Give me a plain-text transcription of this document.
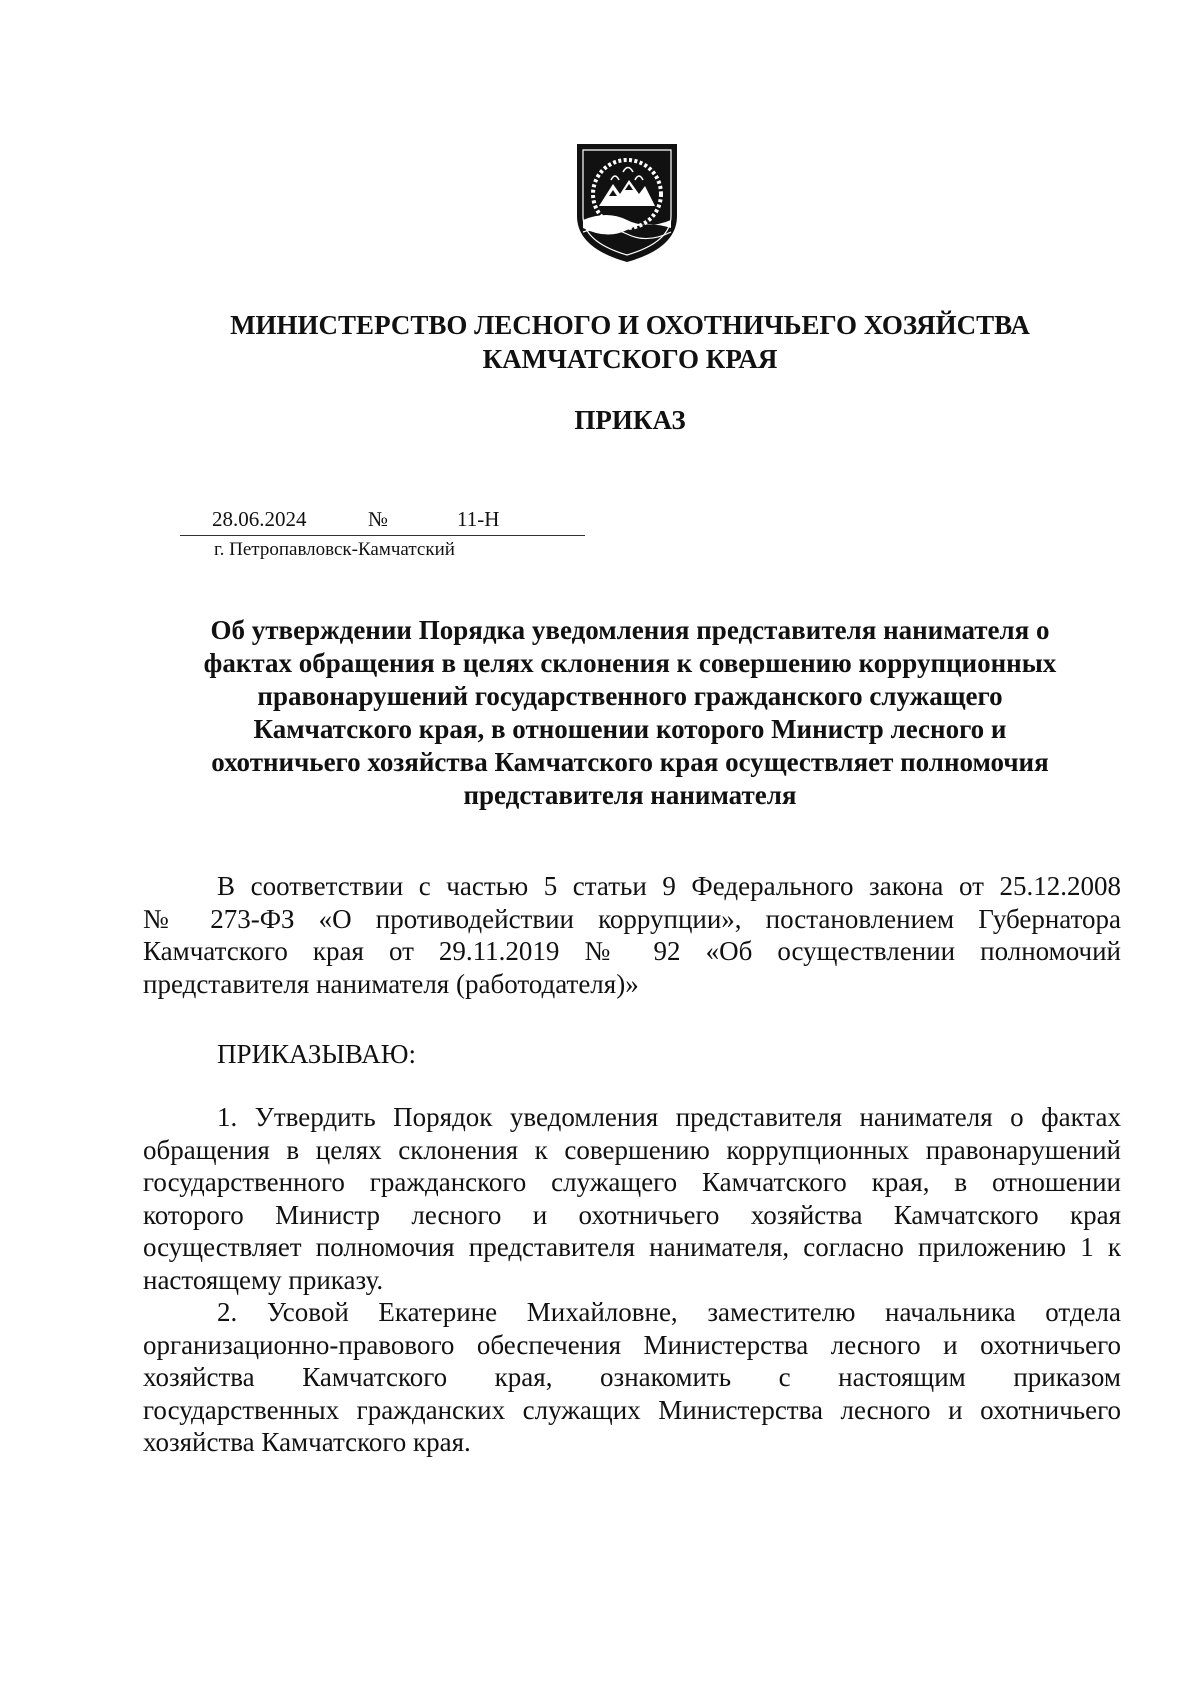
МИНИСТЕРСТВО ЛЕСНОГО И ОХОТНИЧЬЕГО ХОЗЯЙСТВА
КАМЧАТСКОГО КРАЯ
ПРИКАЗ
28.06.2024	№	11-Н
г. Петропавловск-Камчатский
Об утверждении Порядка уведомления представителя нанимателя о
фактах обращения в целях склонения к совершению коррупционных
правонарушений государственного гражданского служащего
Камчатского края, в отношении которого Министр лесного и
охотничьего хозяйства Камчатского края осуществляет полномочия
представителя нанимателя
В соответствии с частью 5 статьи 9 Федерального закона от 25.12.2008
№ 273-ФЗ «О противодействии коррупции», постановлением Губернатора
Камчатского края от 29.11.2019 № 92 «Об осуществлении полномочий
представителя нанимателя (работодателя)»
ПРИКАЗЫВАЮ:
1. Утвердить Порядок уведомления представителя нанимателя о фактах
обращения в целях склонения к совершению коррупционных правонарушений
государственного гражданского служащего Камчатского края, в отношении
которого Министр лесного и охотничьего хозяйства Камчатского края
осуществляет полномочия представителя нанимателя, согласно приложению 1 к
настоящему приказу.
2. Усовой Екатерине Михайловне, заместителю начальника отдела
организационно-правового обеспечения Министерства лесного и охотничьего
хозяйства Камчатского края, ознакомить с настоящим приказом
государственных гражданских служащих Министерства лесного и охотничьего
хозяйства Камчатского края.
